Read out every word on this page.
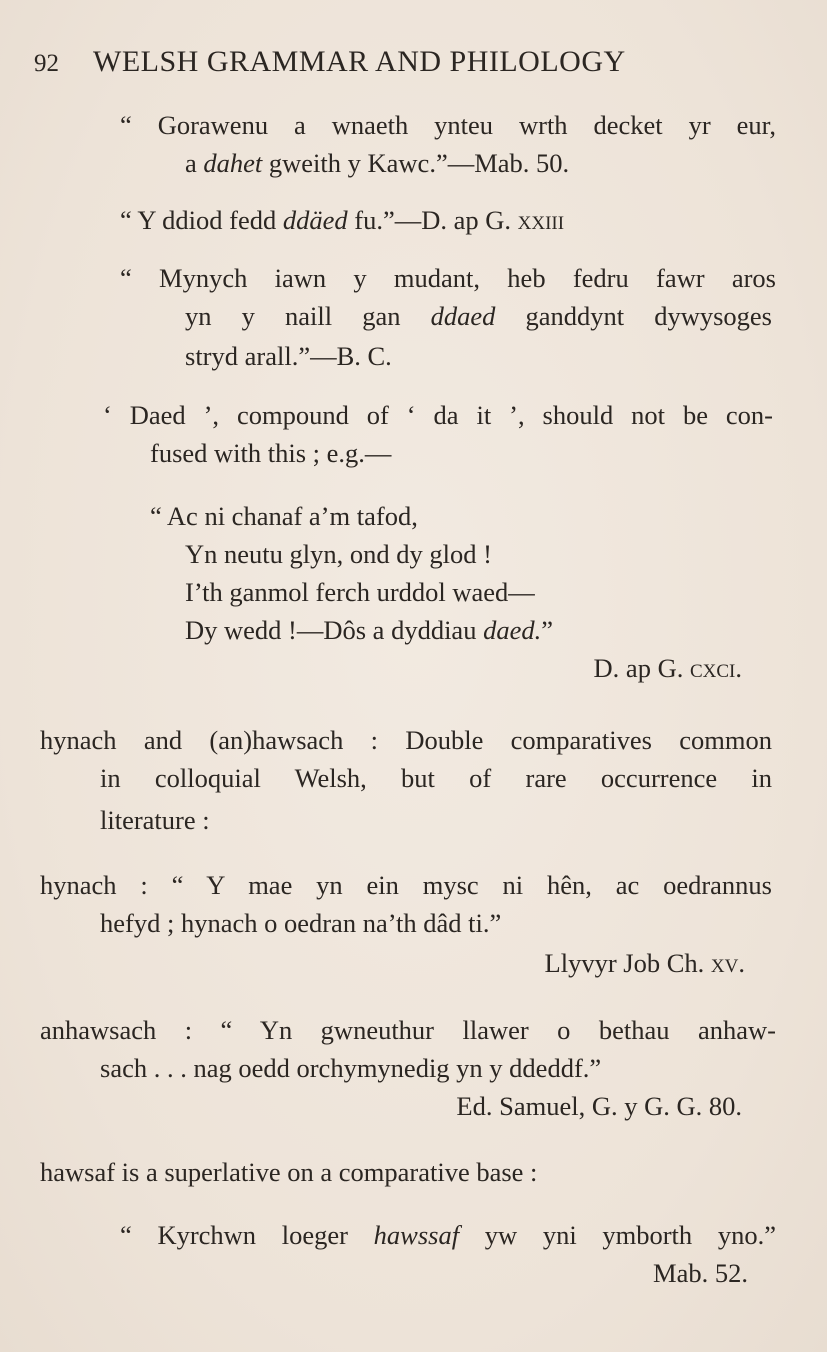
92 WELSH GRAMMAR AND PHILOLOGY
“ Gorawenu a wnaeth ynteu wrth decket yr eur,
a dahet gweith y Kawc.”—Mab. 50.
“ Y ddiod fedd ddäed fu.”—D. ap G. xxiii
“ Mynych iawn y mudant, heb fedru fawr aros
yn y naill gan ddaed ganddynt dywysoges
stryd arall.”—B. C.
‘ Daed ’, compound of ‘ da it ’, should not be con-
fused with this ; e.g.—
“ Ac ni chanaf a’m tafod,
Yn neutu glyn, ond dy glod !
I’th ganmol ferch urddol waed—
Dy wedd !—Dôs a dyddiau daed.”
D. ap G. cxci.
hynach and (an)hawsach : Double comparatives common
in colloquial Welsh, but of rare occurrence in
literature :
hynach : “ Y mae yn ein mysc ni hên, ac oedrannus
hefyd ; hynach o oedran na’th dâd ti.”
Llyvyr Job Ch. xv.
anhawsach : “ Yn gwneuthur llawer o bethau anhaw-
sach . . . nag oedd orchymynedig yn y ddeddf.”
Ed. Samuel, G. y G. G. 80.
hawsaf is a superlative on a comparative base :
“ Kyrchwn loeger hawssaf yw yni ymborth yno.”
Mab. 52.
